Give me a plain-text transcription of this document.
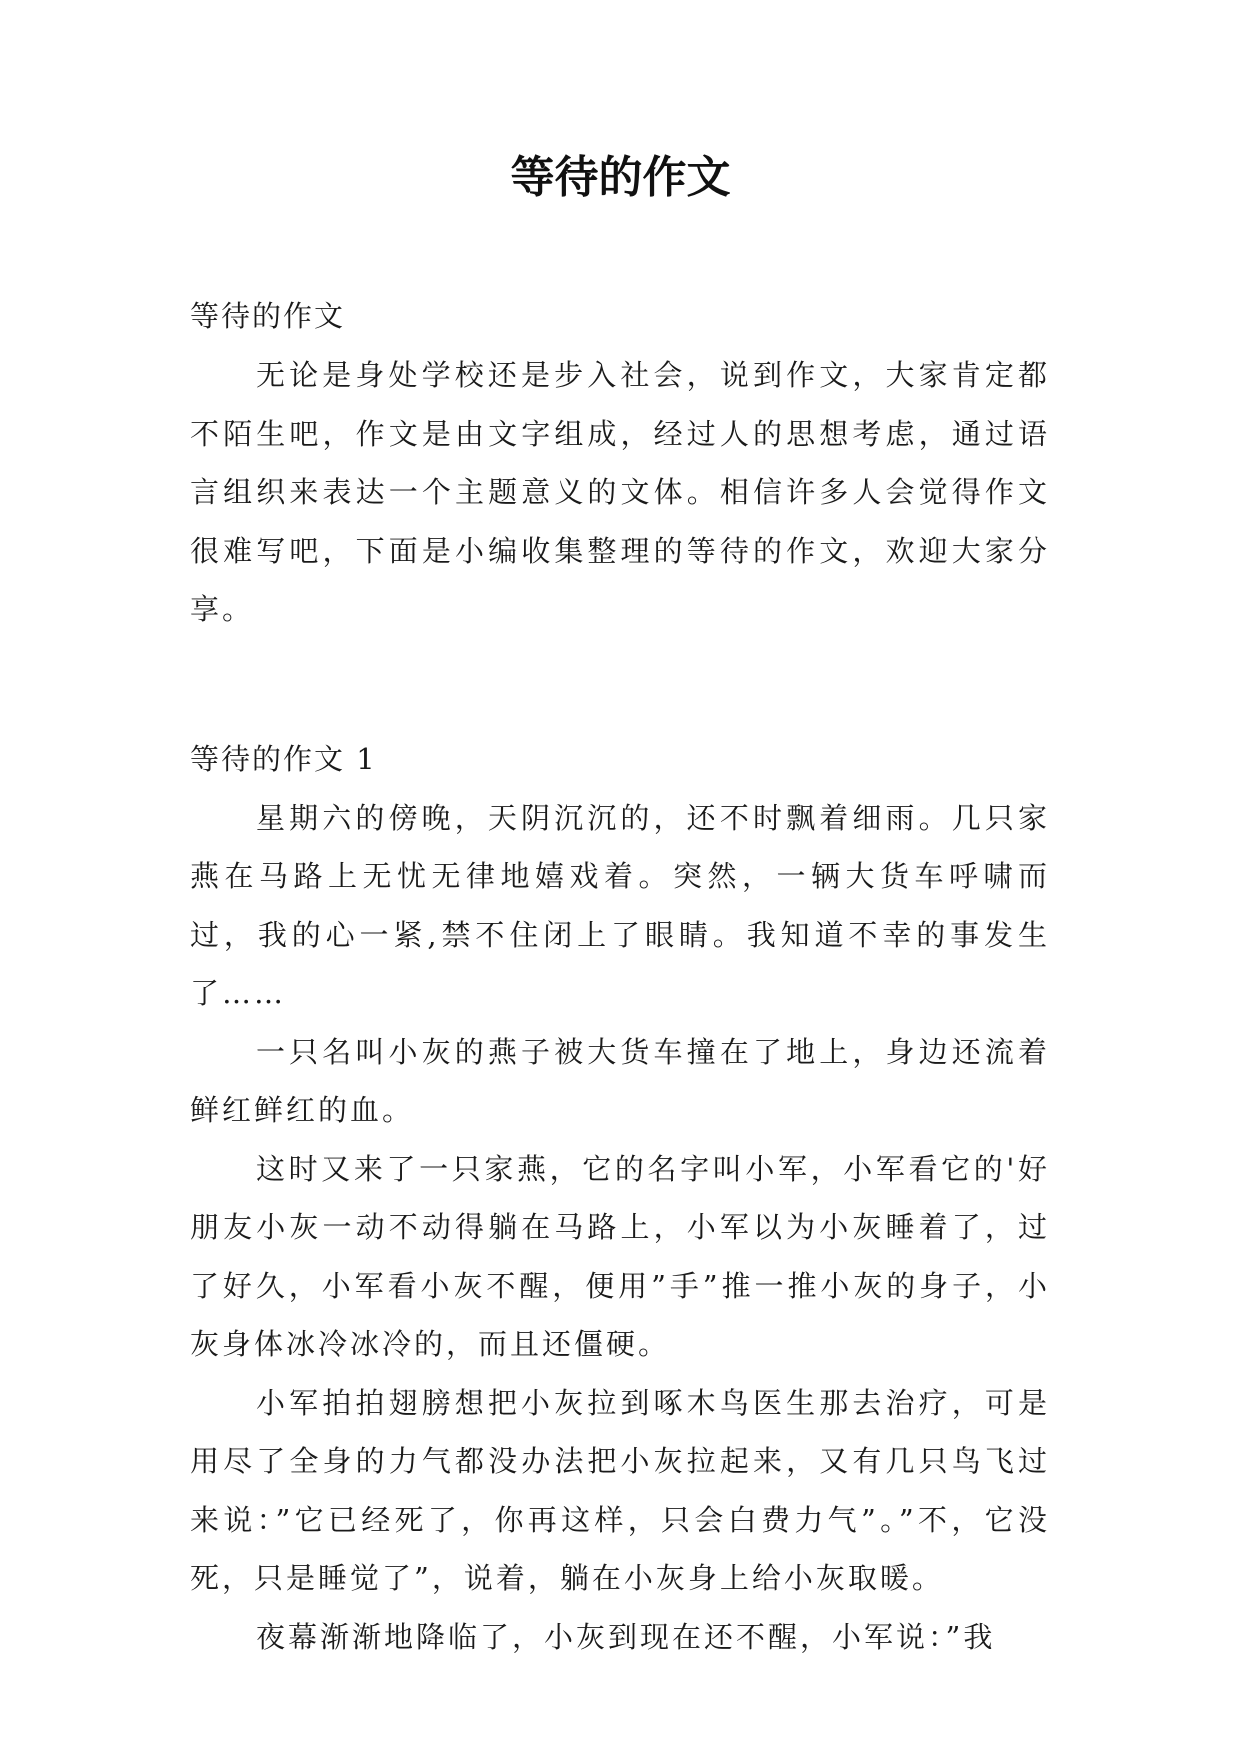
等待的作文

等待的作文

无论是身处学校还是步入社会，说到作文，大家肯定都不陌生吧，作文是由文字组成，经过人的思想考虑，通过语言组织来表达一个主题意义的文体。相信许多人会觉得作文很难写吧，下面是小编收集整理的等待的作文，欢迎大家分享。

等待的作文 1

星期六的傍晚，天阴沉沉的，还不时飘着细雨。几只家燕在马路上无忧无律地嬉戏着。突然，一辆大货车呼啸而过，我的心一紧,禁不住闭上了眼睛。我知道不幸的事发生了……

一只名叫小灰的燕子被大货车撞在了地上，身边还流着鲜红鲜红的血。

这时又来了一只家燕，它的名字叫小军，小军看它的'好朋友小灰一动不动得躺在马路上，小军以为小灰睡着了，过了好久，小军看小灰不醒，便用”手”推一推小灰的身子，小灰身体冰冷冰冷的，而且还僵硬。

小军拍拍翅膀想把小灰拉到啄木鸟医生那去治疗，可是用尽了全身的力气都没办法把小灰拉起来，又有几只鸟飞过来说：”它已经死了，你再这样，只会白费力气”。”不，它没死，只是睡觉了”，说着，躺在小灰身上给小灰取暖。

夜幕渐渐地降临了，小灰到现在还不醒，小军说：”我
